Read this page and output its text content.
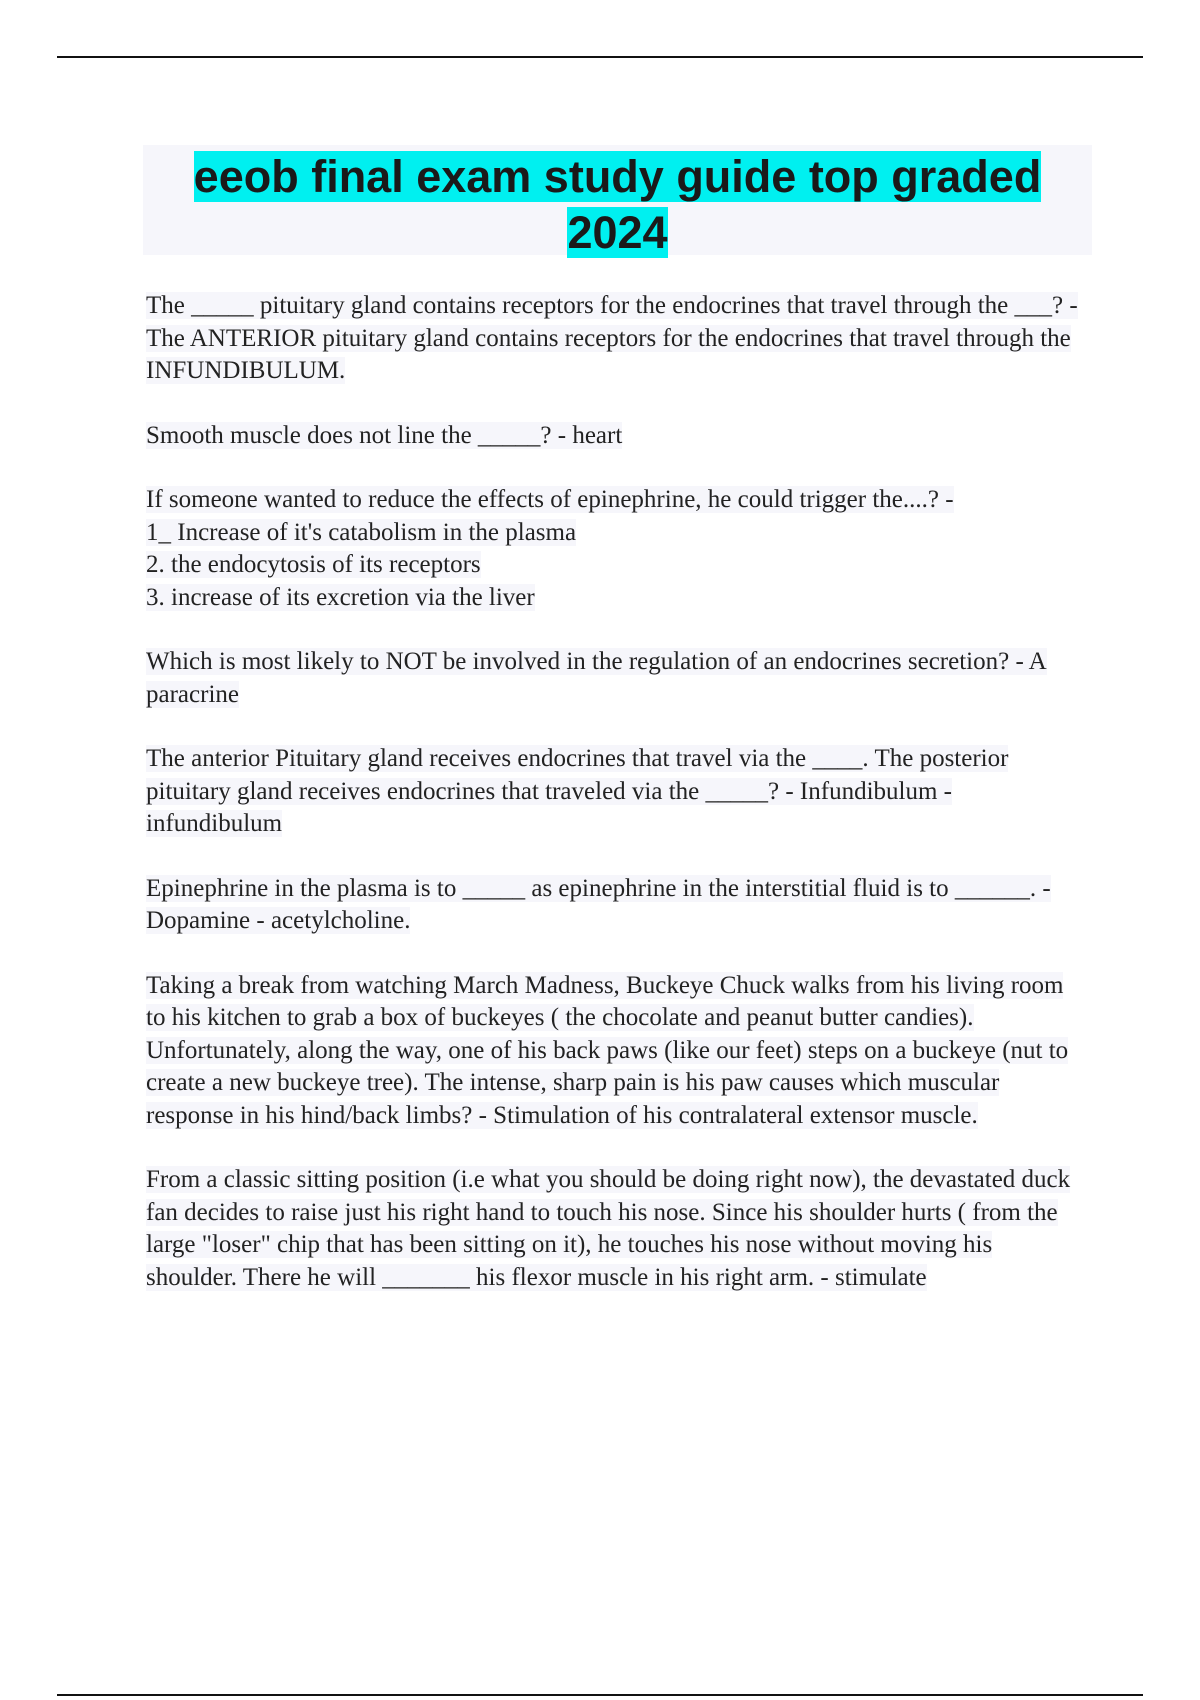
eeob final exam study guide top graded 2024

The _____ pituitary gland contains receptors for the endocrines that travel through the ___? - The ANTERIOR pituitary gland contains receptors for the endocrines that travel through the INFUNDIBULUM.

Smooth muscle does not line the _____? - heart

If someone wanted to reduce the effects of epinephrine, he could trigger the....? -
1_ Increase of it's catabolism in the plasma
2. the endocytosis of its receptors
3. increase of its excretion via the liver

Which is most likely to NOT be involved in the regulation of an endocrines secretion? - A paracrine

The anterior Pituitary gland receives endocrines that travel via the ____. The posterior pituitary gland receives endocrines that traveled via the _____? - Infundibulum - infundibulum

Epinephrine in the plasma is to _____ as epinephrine in the interstitial fluid is to ______. - Dopamine - acetylcholine.

Taking a break from watching March Madness, Buckeye Chuck walks from his living room to his kitchen to grab a box of buckeyes ( the chocolate and peanut butter candies). Unfortunately, along the way, one of his back paws (like our feet) steps on a buckeye (nut to create a new buckeye tree). The intense, sharp pain is his paw causes which muscular response in his hind/back limbs? - Stimulation of his contralateral extensor muscle.

From a classic sitting position (i.e what you should be doing right now), the devastated duck fan decides to raise just his right hand to touch his nose. Since his shoulder hurts ( from the large "loser" chip that has been sitting on it), he touches his nose without moving his shoulder. There he will _______ his flexor muscle in his right arm. - stimulate
